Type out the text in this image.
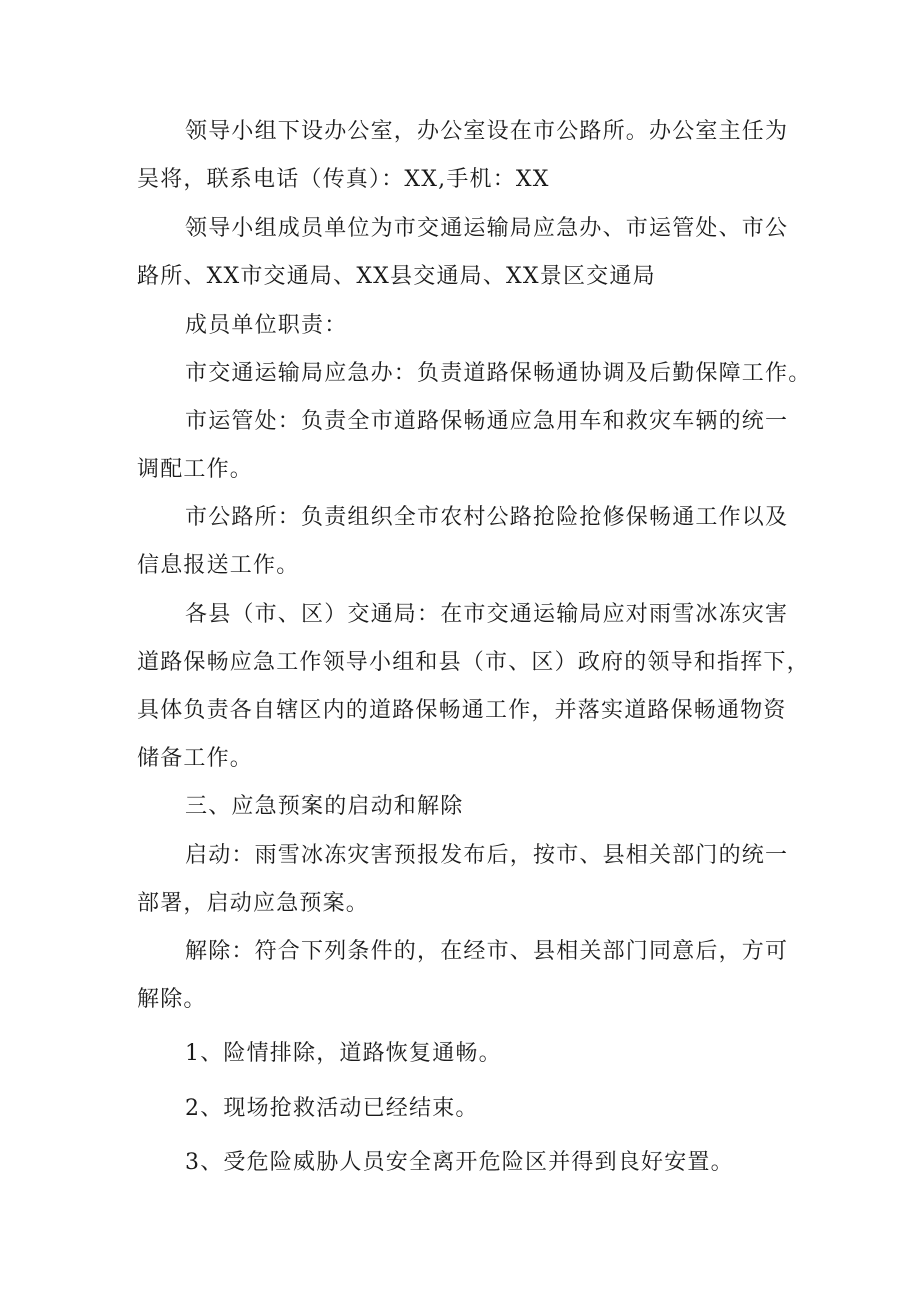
领导小组下设办公室，办公室设在市公路所。办公室主任为
吴将，联系电话（传真）：XX,手机：XX
领导小组成员单位为市交通运输局应急办、市运管处、市公
路所、XX市交通局、XX县交通局、XX景区交通局
成员单位职责：
市交通运输局应急办：负责道路保畅通协调及后勤保障工作。
市运管处：负责全市道路保畅通应急用车和救灾车辆的统一
调配工作。
市公路所：负责组织全市农村公路抢险抢修保畅通工作以及
信息报送工作。
各县（市、区）交通局：在市交通运输局应对雨雪冰冻灾害
道路保畅应急工作领导小组和县（市、区）政府的领导和指挥下，
具体负责各自辖区内的道路保畅通工作，并落实道路保畅通物资
储备工作。
三、应急预案的启动和解除
启动：雨雪冰冻灾害预报发布后，按市、县相关部门的统一
部署，启动应急预案。
解除：符合下列条件的，在经市、县相关部门同意后，方可
解除。
1、险情排除，道路恢复通畅。
2、现场抢救活动已经结束。
3、受危险威胁人员安全离开危险区并得到良好安置。
